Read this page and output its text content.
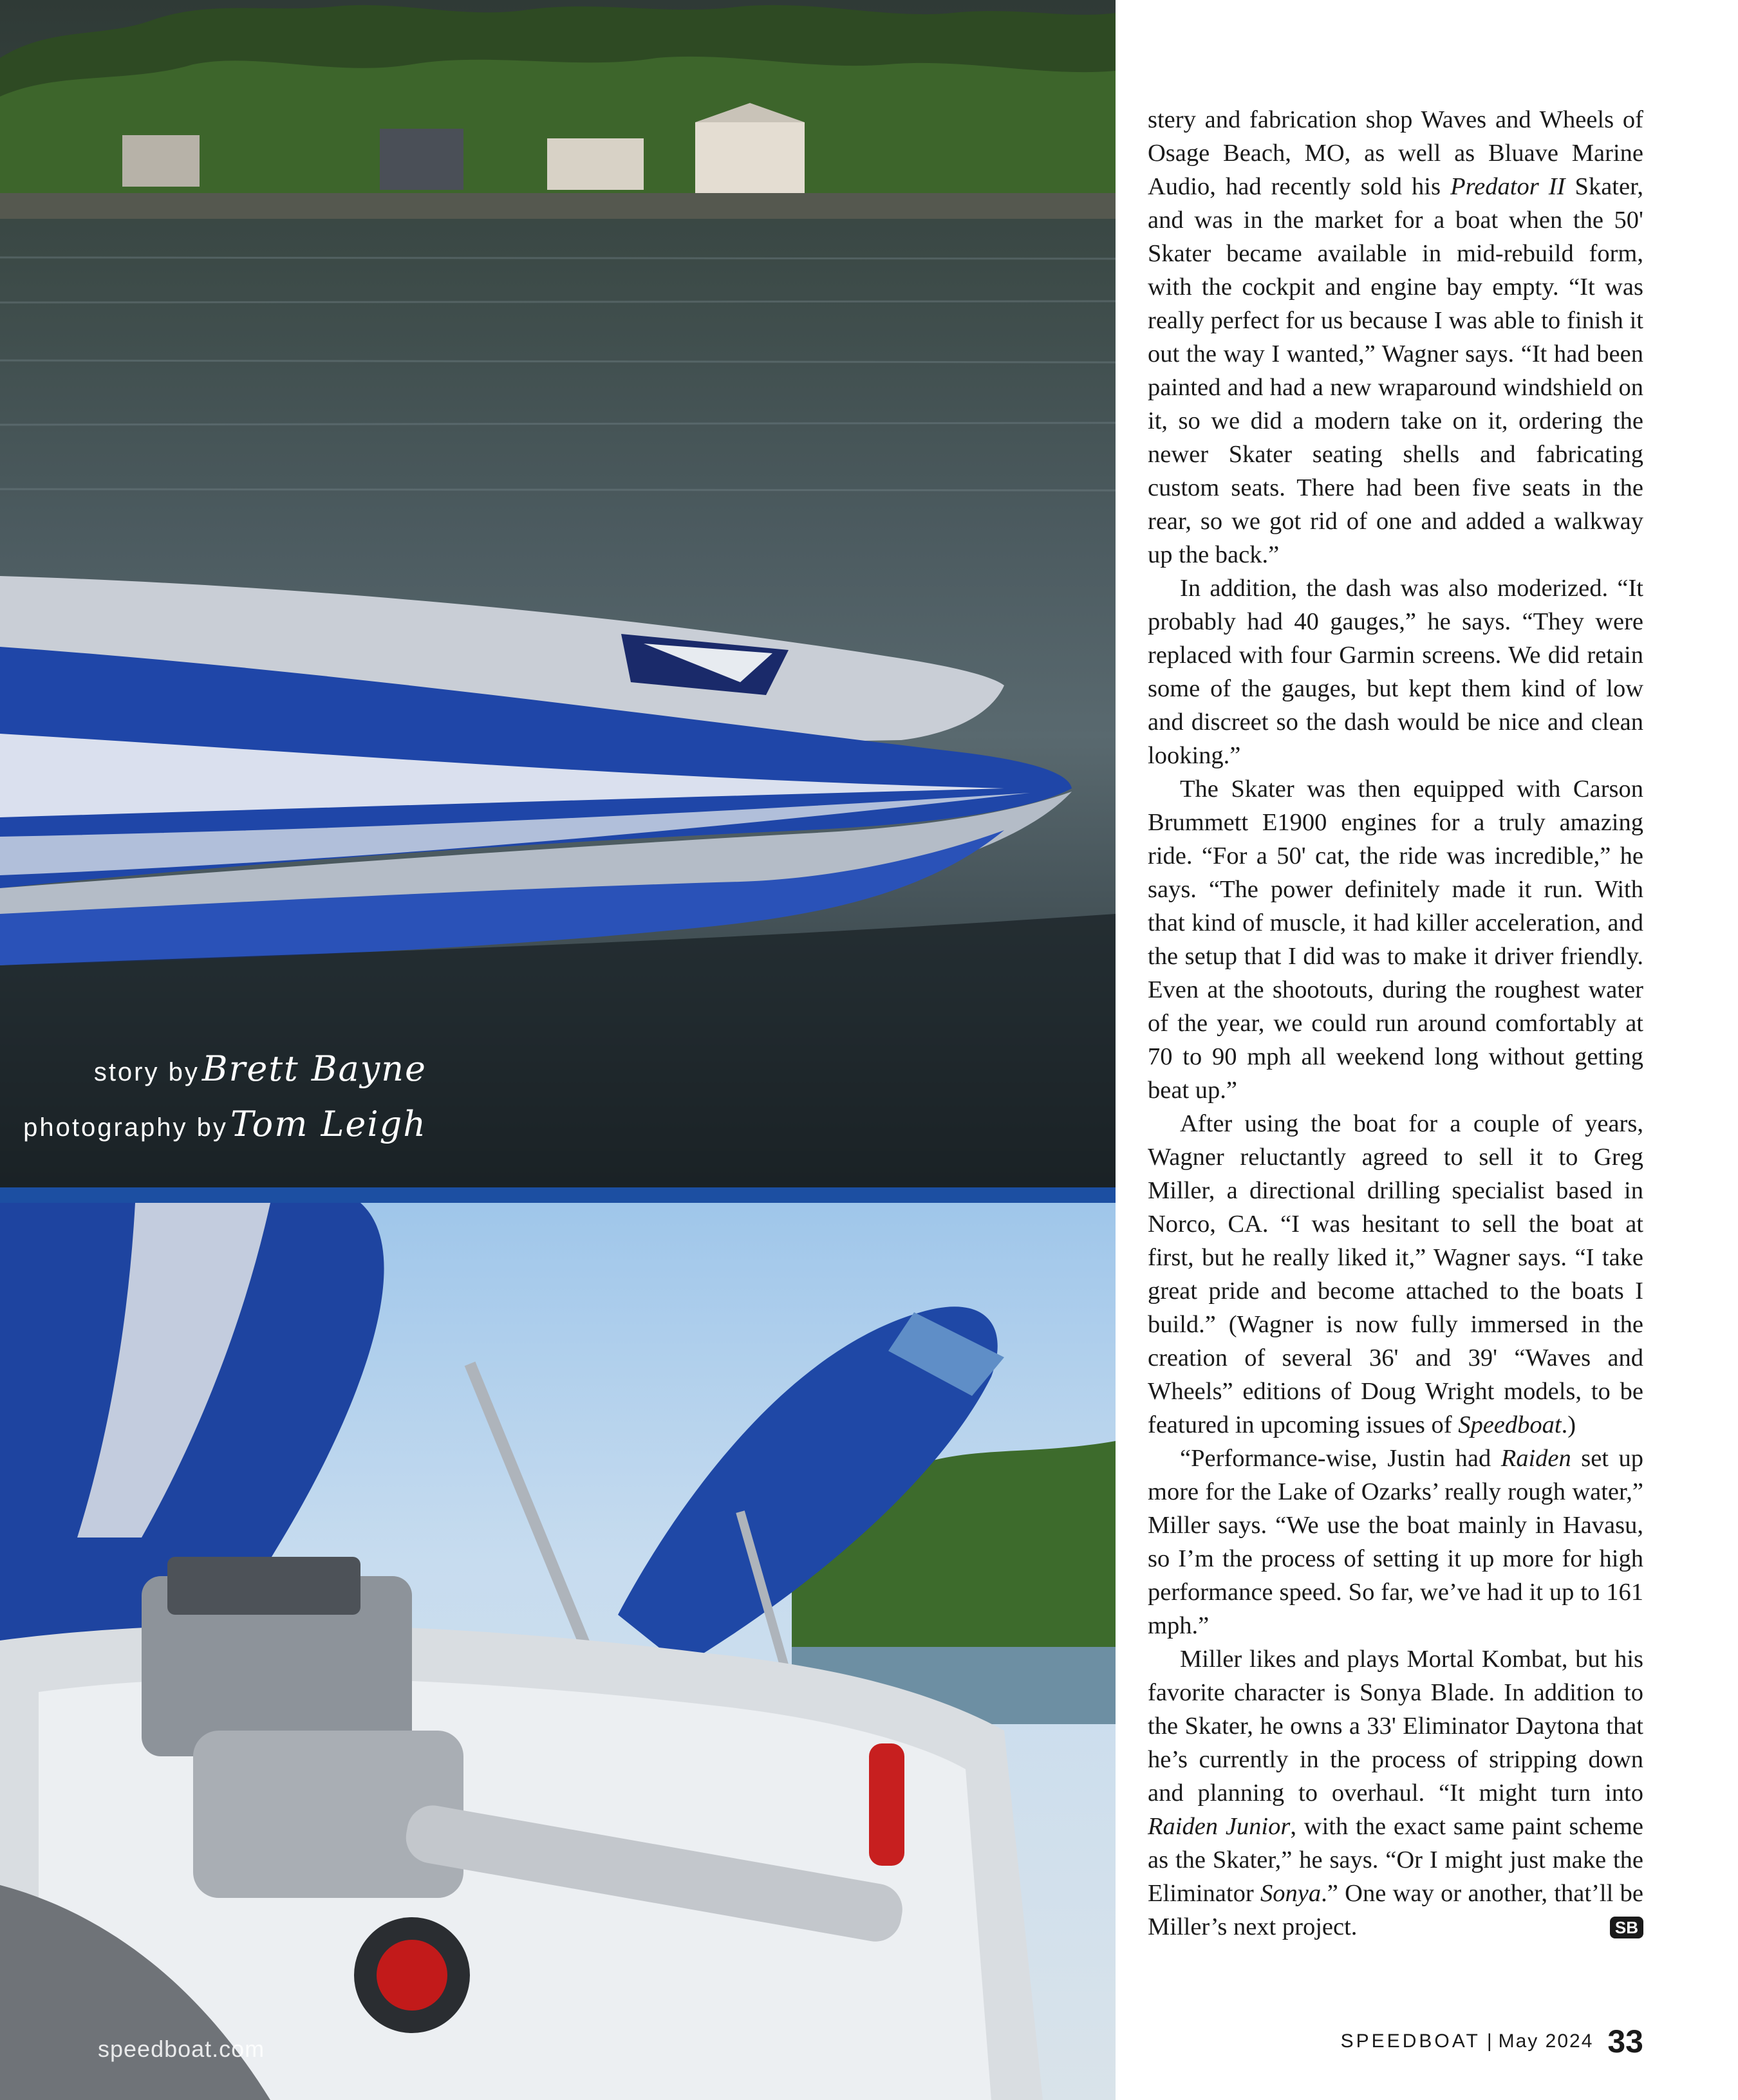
story by Brett Bayne
photography by Tom Leigh
speedboat.com

stery and fabrication shop Waves and Wheels of Osage Beach, MO, as well as Bluave Marine Audio, had recently sold his Predator II Skater, and was in the market for a boat when the 50' Skater became available in mid-rebuild form, with the cockpit and engine bay empty. “It was really perfect for us because I was able to finish it out the way I wanted,” Wagner says. “It had been painted and had a new wraparound windshield on it, so we did a modern take on it, ordering the newer Skater seating shells and fabricating custom seats. There had been five seats in the rear, so we got rid of one and added a walkway up the back.”

In addition, the dash was also moderized. “It probably had 40 gauges,” he says. “They were replaced with four Garmin screens. We did retain some of the gauges, but kept them kind of low and discreet so the dash would be nice and clean looking.”

The Skater was then equipped with Carson Brummett E1900 engines for a truly amazing ride. “For a 50' cat, the ride was incredible,” he says. “The power definitely made it run. With that kind of muscle, it had killer acceleration, and the setup that I did was to make it driver friendly. Even at the shootouts, during the roughest water of the year, we could run around comfortably at 70 to 90 mph all weekend long without getting beat up.”

After using the boat for a couple of years, Wagner reluctantly agreed to sell it to Greg Miller, a directional drilling specialist based in Norco, CA. “I was hesitant to sell the boat at first, but he really liked it,” Wagner says. “I take great pride and become attached to the boats I build.” (Wagner is now fully immersed in the creation of several 36' and 39' “Waves and Wheels” editions of Doug Wright models, to be featured in upcoming issues of Speedboat.)

“Performance-wise, Justin had Raiden set up more for the Lake of Ozarks’ really rough water,” Miller says. “We use the boat mainly in Havasu, so I’m the process of setting it up more for high performance speed. So far, we’ve had it up to 161 mph.”

Miller likes and plays Mortal Kombat, but his favorite character is Sonya Blade. In addition to the Skater, he owns a 33' Eliminator Daytona that he’s currently in the process of stripping down and planning to overhaul. “It might turn into Raiden Junior, with the exact same paint scheme as the Skater,” he says. “Or I might just make the Eliminator Sonya.” One way or another, that’ll be Miller’s next project.	SB

SPEEDBOAT | May 2024 33
